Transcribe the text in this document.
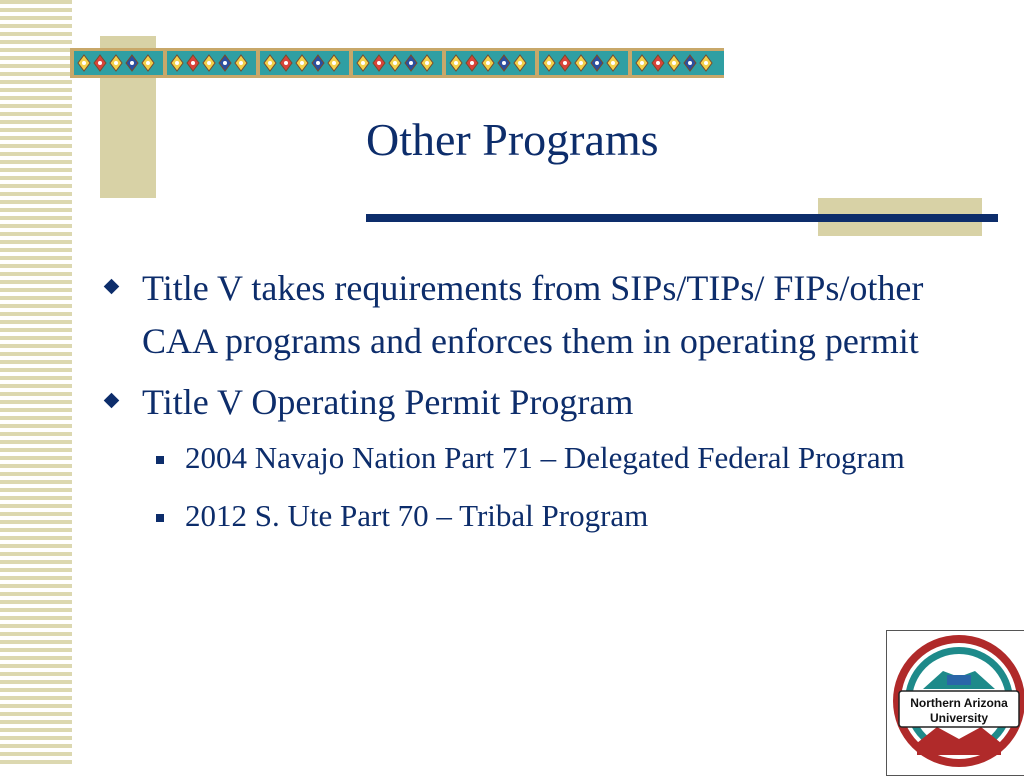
Other Programs
Title V takes requirements from SIPs/TIPs/ FIPs/other CAA programs and enforces them in operating permit
Title V Operating Permit Program
2004 Navajo Nation Part 71 – Delegated Federal Program
2012 S. Ute Part 70 – Tribal Program
Northern Arizona
University
